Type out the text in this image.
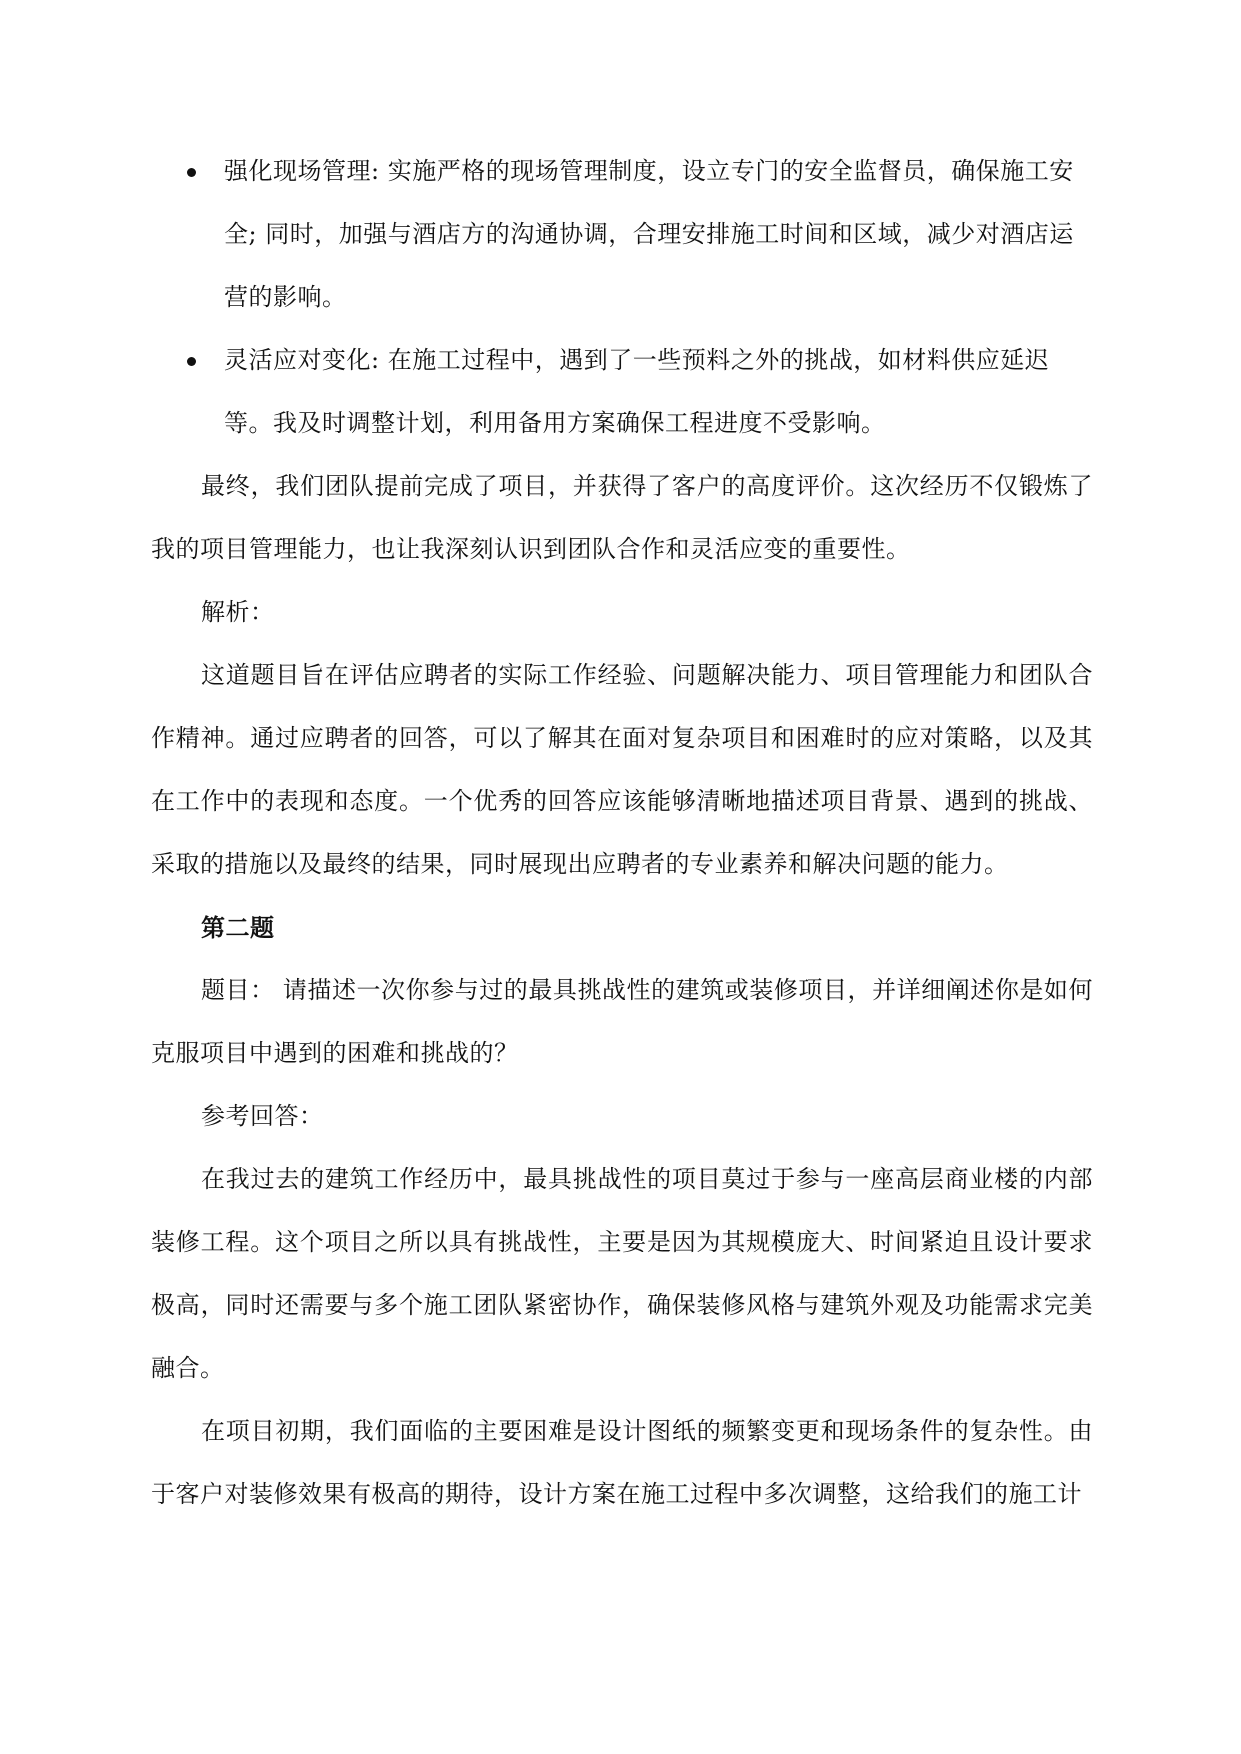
强化现场管理: 实施严格的现场管理制度，设立专门的安全监督员，确保施工安全; 同时，加强与酒店方的沟通协调，合理安排施工时间和区域，减少对酒店运营的影响。
灵活应对变化: 在施工过程中，遇到了一些预料之外的挑战，如材料供应延迟等。我及时调整计划，利用备用方案确保工程进度不受影响。

最终，我们团队提前完成了项目，并获得了客户的高度评价。这次经历不仅锻炼了我的项目管理能力，也让我深刻认识到团队合作和灵活应变的重要性。

解析：

这道题目旨在评估应聘者的实际工作经验、问题解决能力、项目管理能力和团队合作精神。通过应聘者的回答，可以了解其在面对复杂项目和困难时的应对策略，以及其在工作中的表现和态度。一个优秀的回答应该能够清晰地描述项目背景、遇到的挑战、采取的措施以及最终的结果，同时展现出应聘者的专业素养和解决问题的能力。

第二题

题目： 请描述一次你参与过的最具挑战性的建筑或装修项目，并详细阐述你是如何克服项目中遇到的困难和挑战的？

参考回答：

在我过去的建筑工作经历中，最具挑战性的项目莫过于参与一座高层商业楼的内部装修工程。这个项目之所以具有挑战性，主要是因为其规模庞大、时间紧迫且设计要求极高，同时还需要与多个施工团队紧密协作，确保装修风格与建筑外观及功能需求完美融合。

在项目初期，我们面临的主要困难是设计图纸的频繁变更和现场条件的复杂性。由于客户对装修效果有极高的期待，设计方案在施工过程中多次调整，这给我们的施工计
